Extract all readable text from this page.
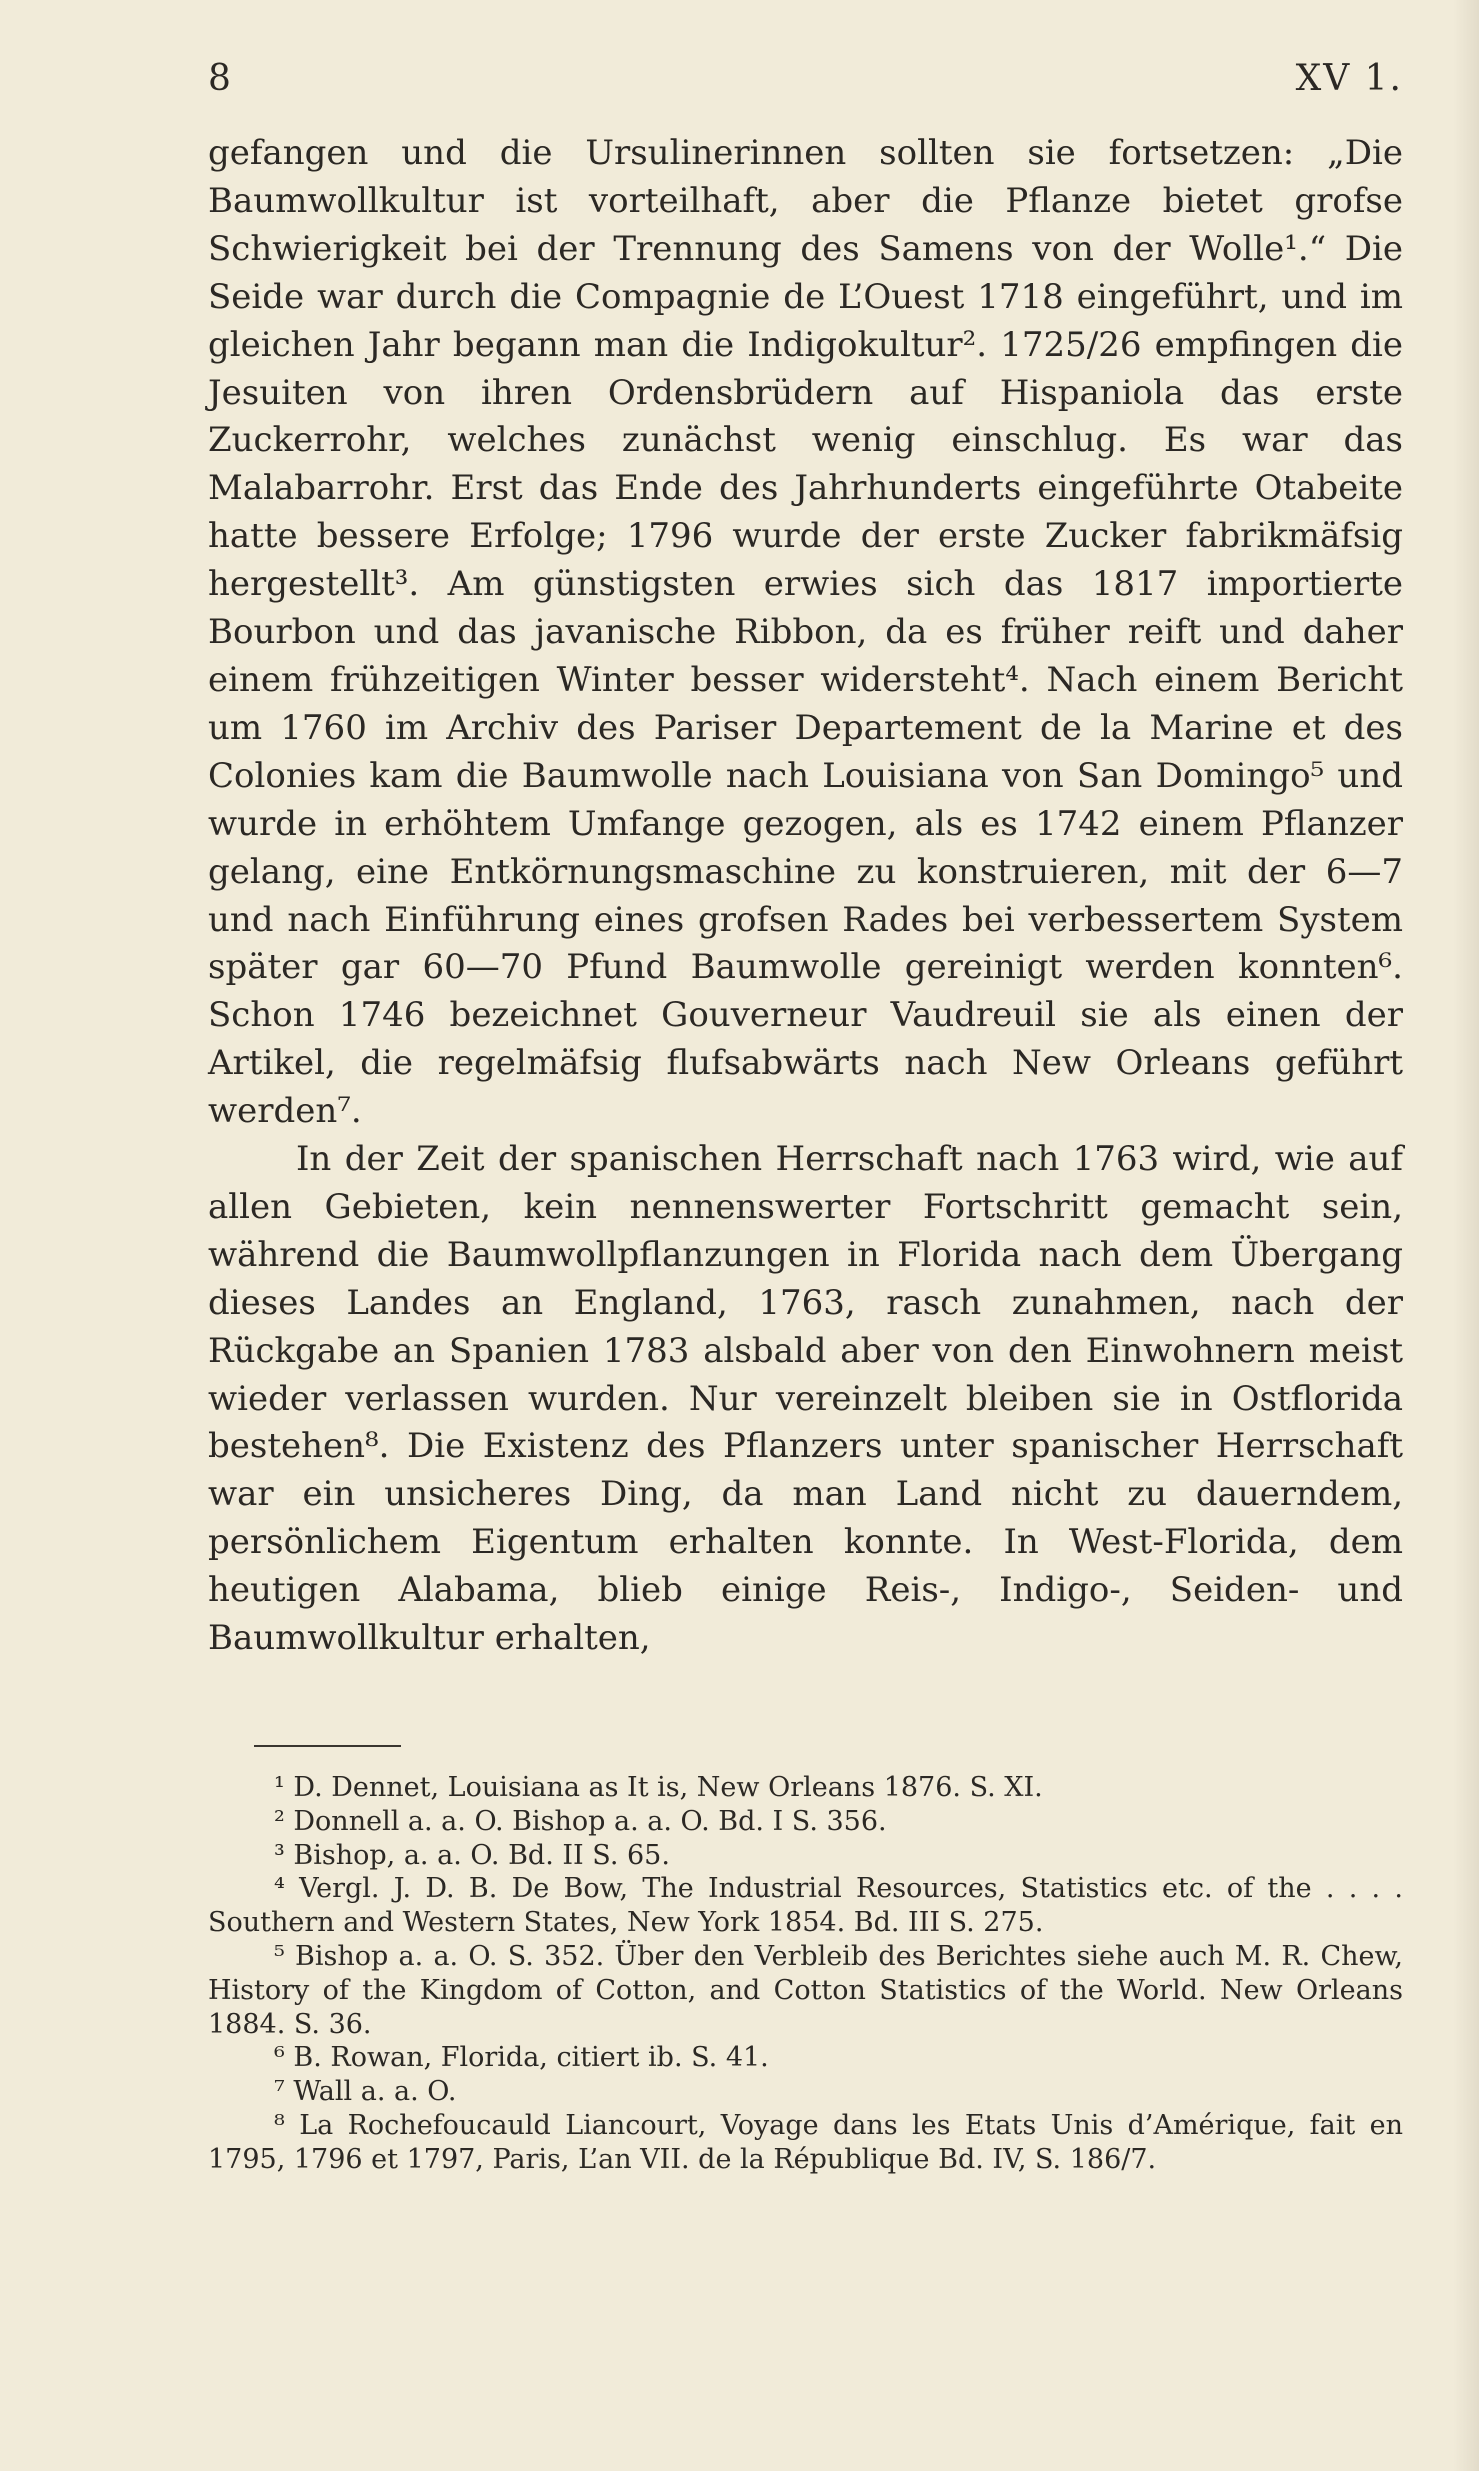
8	XV 1.

gefangen und die Ursulinerinnen sollten sie fortsetzen: „Die Baumwollkultur ist vorteilhaft, aber die Pflanze bietet grofse Schwierigkeit bei der Trennung des Samens von der Wolle¹.“ Die Seide war durch die Compagnie de L’Ouest 1718 eingeführt, und im gleichen Jahr begann man die Indigokultur². 1725/26 empfingen die Jesuiten von ihren Ordensbrüdern auf Hispaniola das erste Zuckerrohr, welches zunächst wenig einschlug. Es war das Malabarrohr. Erst das Ende des Jahrhunderts eingeführte Otabeite hatte bessere Erfolge; 1796 wurde der erste Zucker fabrikmäfsig hergestellt³. Am günstigsten erwies sich das 1817 importierte Bourbon und das javanische Ribbon, da es früher reift und daher einem frühzeitigen Winter besser widersteht⁴. Nach einem Bericht um 1760 im Archiv des Pariser Departement de la Marine et des Colonies kam die Baumwolle nach Louisiana von San Domingo⁵ und wurde in erhöhtem Umfange gezogen, als es 1742 einem Pflanzer gelang, eine Entkörnungsmaschine zu konstruieren, mit der 6—7 und nach Einführung eines grofsen Rades bei verbessertem System später gar 60—70 Pfund Baumwolle gereinigt werden konnten⁶. Schon 1746 bezeichnet Gouverneur Vaudreuil sie als einen der Artikel, die regelmäfsig flufsabwärts nach New Orleans geführt werden⁷.

In der Zeit der spanischen Herrschaft nach 1763 wird, wie auf allen Gebieten, kein nennenswerter Fortschritt gemacht sein, während die Baumwollpflanzungen in Florida nach dem Übergang dieses Landes an England, 1763, rasch zunahmen, nach der Rückgabe an Spanien 1783 alsbald aber von den Einwohnern meist wieder verlassen wurden. Nur vereinzelt bleiben sie in Ostflorida bestehen⁸. Die Existenz des Pflanzers unter spanischer Herrschaft war ein unsicheres Ding, da man Land nicht zu dauerndem, persönlichem Eigentum erhalten konnte. In West-Florida, dem heutigen Alabama, blieb einige Reis-, Indigo-, Seiden- und Baumwollkultur erhalten,

¹ D. Dennet, Louisiana as It is, New Orleans 1876. S. XI.

² Donnell a. a. O. Bishop a. a. O. Bd. I S. 356.

³ Bishop, a. a. O. Bd. II S. 65.

⁴ Vergl. J. D. B. De Bow, The Industrial Resources, Statistics etc. of the . . . . Southern and Western States, New York 1854. Bd. III S. 275.

⁵ Bishop a. a. O. S. 352. Über den Verbleib des Berichtes siehe auch M. R. Chew, History of the Kingdom of Cotton, and Cotton Statistics of the World. New Orleans 1884. S. 36.

⁶ B. Rowan, Florida, citiert ib. S. 41.

⁷ Wall a. a. O.

⁸ La Rochefoucauld Liancourt, Voyage dans les Etats Unis d’Amérique, fait en 1795, 1796 et 1797, Paris, L’an VII. de la République Bd. IV, S. 186/7.
